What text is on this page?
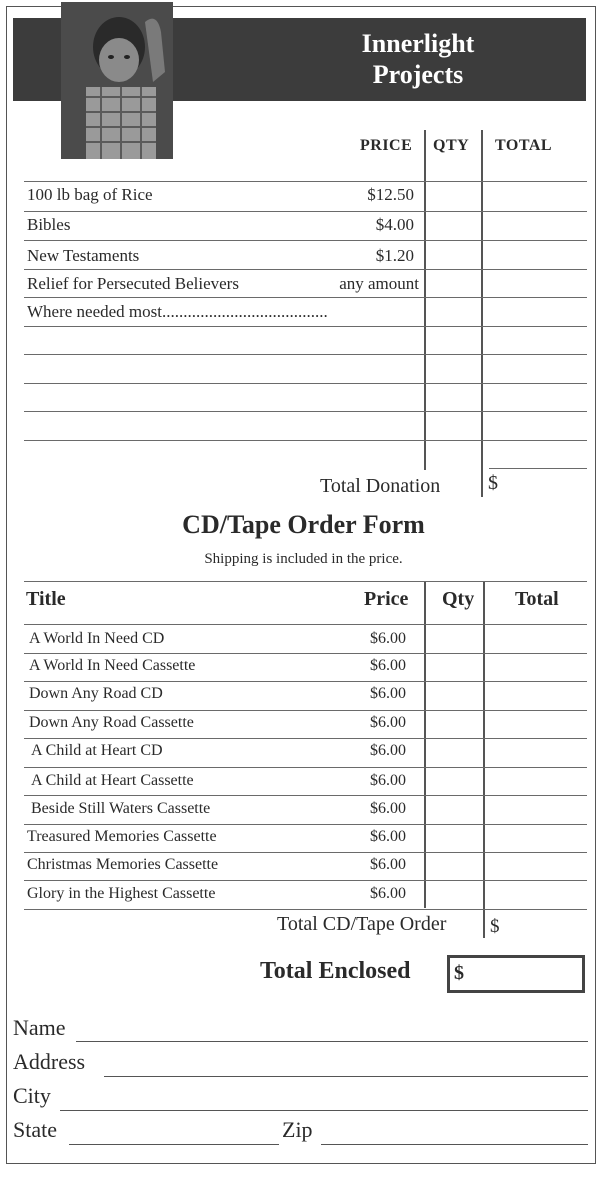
Innerlight
Projects
PRICE QTY TOTAL
100 lb bag of Rice	$12.50
Bibles	$4.00
New Testaments	$1.20
Relief for Persecuted Believers	any amount
Where needed most.......................................
Total Donation $
CD/Tape Order Form
Shipping is included in the price.
Title	Price Qty Total
A World In Need CD	$6.00
A World In Need Cassette	$6.00
Down Any Road CD	$6.00
Down Any Road Cassette	$6.00
A Child at Heart CD	$6.00
A Child at Heart Cassette	$6.00
Beside Still Waters Cassette	$6.00
Treasured Memories Cassette	$6.00
Christmas Memories Cassette	$6.00
Glory in the Highest Cassette	$6.00
Total CD/Tape Order $
Total Enclosed	$
Name
Address
City
State	Zip
